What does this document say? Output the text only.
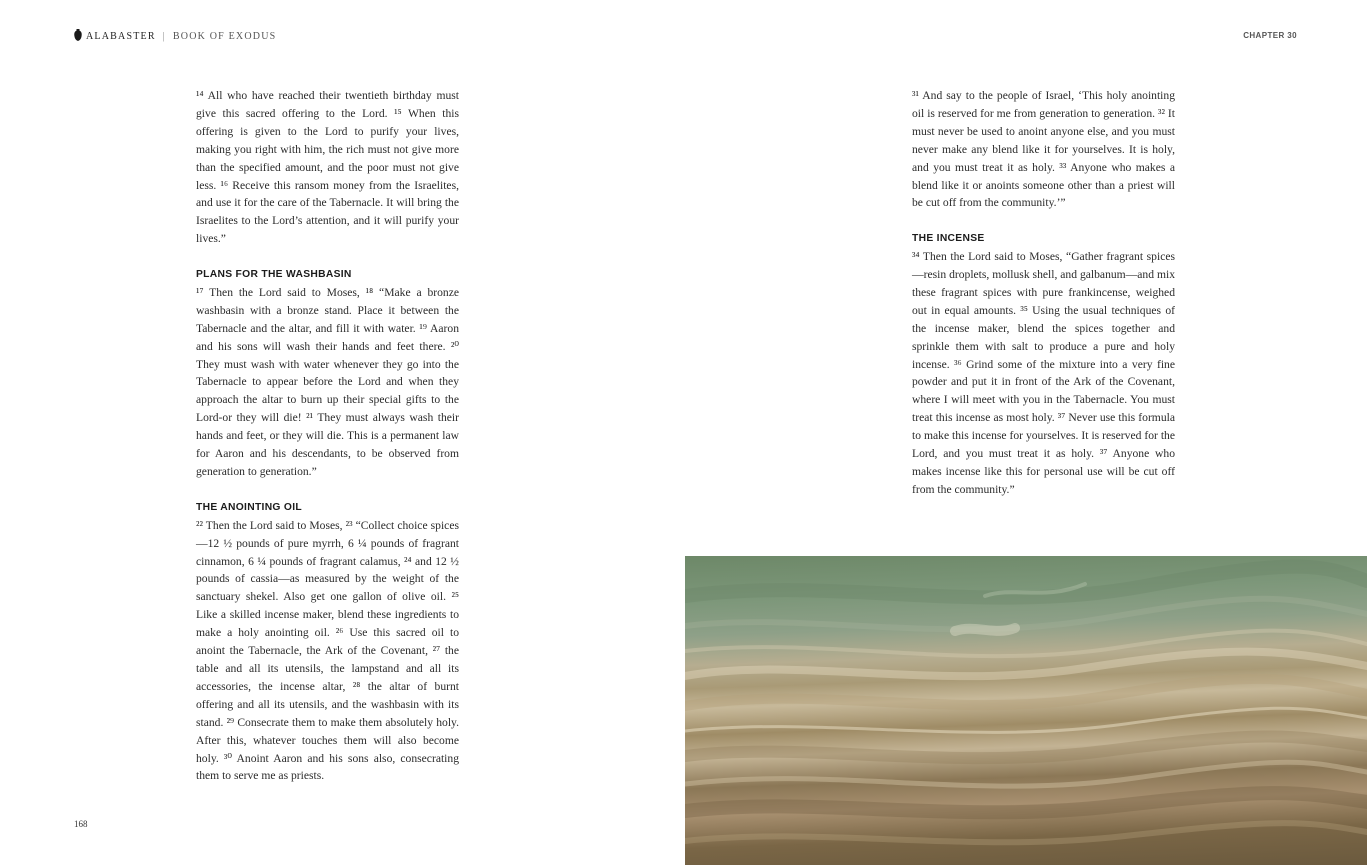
ALABASTER | BOOK OF EXODUS	CHAPTER 30

¹⁴ All who have reached their twentieth birthday must give this sacred offering to the Lord. ¹⁵ When this offering is given to the Lord to purify your lives, making you right with him, the rich must not give more than the specified amount, and the poor must not give less. ¹⁶ Receive this ransom money from the Israelites, and use it for the care of the Tabernacle. It will bring the Israelites to the Lord’s attention, and it will purify your lives.”

PLANS FOR THE WASHBASIN

¹⁷ Then the Lord said to Moses, ¹⁸ “Make a bronze washbasin with a bronze stand. Place it between the Tabernacle and the altar, and fill it with water. ¹⁹ Aaron and his sons will wash their hands and feet there. ²⁰ They must wash with water whenever they go into the Tabernacle to appear before the Lord and when they approach the altar to burn up their special gifts to the Lord-or they will die! ²¹ They must always wash their hands and feet, or they will die. This is a permanent law for Aaron and his descendants, to be observed from generation to generation.”

THE ANOINTING OIL

²² Then the Lord said to Moses, ²³ “Collect choice spices—12 ½ pounds of pure myrrh, 6 ¼ pounds of fragrant cinnamon, 6 ¼ pounds of fragrant calamus, ²⁴ and 12 ½ pounds of cassia—as measured by the weight of the sanctuary shekel. Also get one gallon of olive oil. ²⁵ Like a skilled incense maker, blend these ingredients to make a holy anointing oil. ²⁶ Use this sacred oil to anoint the Tabernacle, the Ark of the Covenant, ²⁷ the table and all its utensils, the lampstand and all its accessories, the incense altar, ²⁸ the altar of burnt offering and all its utensils, and the washbasin with its stand. ²⁹ Consecrate them to make them absolutely holy. After this, whatever touches them will also become holy. ³⁰ Anoint Aaron and his sons also, consecrating them to serve me as priests.

³¹ And say to the people of Israel, ‘This holy anointing oil is reserved for me from generation to generation. ³² It must never be used to anoint anyone else, and you must never make any blend like it for yourselves. It is holy, and you must treat it as holy. ³³ Anyone who makes a blend like it or anoints someone other than a priest will be cut off from the community.’”

THE INCENSE

³⁴ Then the Lord said to Moses, “Gather fragrant spices—resin droplets, mollusk shell, and galbanum—and mix these fragrant spices with pure frankincense, weighed out in equal amounts. ³⁵ Using the usual techniques of the incense maker, blend the spices together and sprinkle them with salt to produce a pure and holy incense. ³⁶ Grind some of the mixture into a very fine powder and put it in front of the Ark of the Covenant, where I will meet with you in the Tabernacle. You must treat this incense as most holy. ³⁷ Never use this formula to make this incense for yourselves. It is reserved for the Lord, and you must treat it as holy. ³⁷ Anyone who makes incense like this for personal use will be cut off from the community.”

168
